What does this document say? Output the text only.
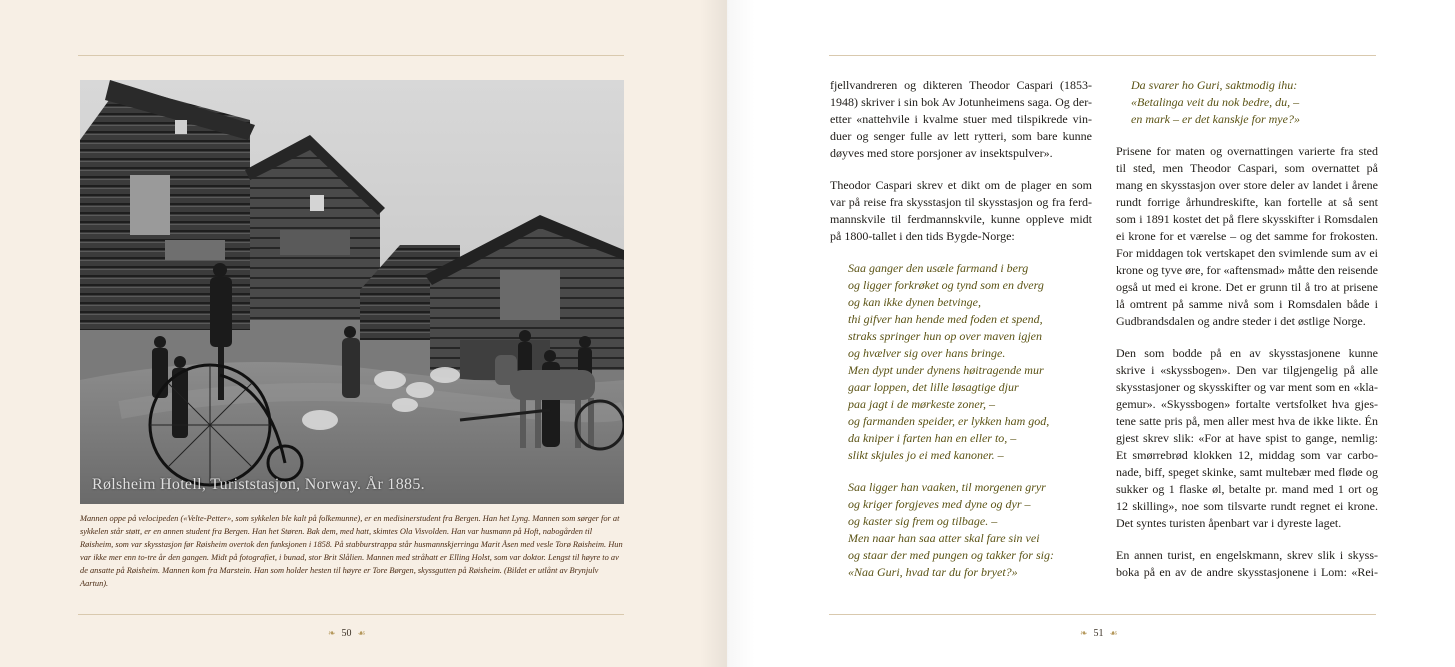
Rølsheim Hotell, Turiststasjon, Norway. År 1885.
Mannen oppe på velocipeden («Velte-Petter», som sykkelen ble kalt på folkemunne), er en medisinerstudent fra Bergen. Han het Lyng. Mannen som sørger for at sykkelen står støtt, er en annen student fra Bergen. Han het Støren. Bak dem, med hatt, skimtes Ola Visvolden. Han var husmann på Hoft, nabogården til Røisheim, som var skysstasjon før Røisheim overtok den funksjonen i 1858. På stabburstrappa står husmannskjerringa Marit Åsen med vesle Torø Røisheim. Hun var ikke mer enn to-tre år den gangen. Midt på fotografiet, i bunad, stor Brit Slålien. Mannen med stråhatt er Elling Holst, som var doktor. Lengst til høyre to av de ansatte på Røisheim. Mannen kom fra Marstein. Han som holder hesten til høyre er Tore Børgen, skyssgutten på Røisheim. (Bildet er utlånt av Brynjulv Aartun).
❧ 50 ☙

fjellvandreren og dikteren Theodor Caspari (1853-
1948) skriver i sin bok Av Jotunheimens saga. Og der-
etter «nattehvile i kvalme stuer med tilspikrede vin-
duer og senger fulle av lett rytteri, som bare kunne
døyves med store porsjoner av insektspulver».

Theodor Caspari skrev et dikt om de plager en som
var på reise fra skysstasjon til skysstasjon og fra ferd-
mannskvile til ferdmannskvile, kunne oppleve midt
på 1800-tallet i den tids Bygde-Norge:

Saa ganger den usæle farmand i berg
og ligger forkrøket og tynd som en dverg
og kan ikke dynen betvinge,
thi gifver han hende med foden et spend,
straks springer hun op over maven igjen
og hvælver sig over hans bringe.
Men dypt under dynens høitragende mur
gaar loppen, det lille løsagtige djur
paa jagt i de mørkeste zoner, –
og farmanden speider, er lykken ham god,
da kniper i farten han en eller to, –
slikt skjules jo ei med kanoner. –
Saa ligger han vaaken, til morgenen gryr
og kriger forgjeves med dyne og dyr –
og kaster sig frem og tilbage. –
Men naar han saa atter skal fare sin vei
og staar der med pungen og takker for sig:
«Naa Guri, hvad tar du for bryet?»
Da svarer ho Guri, saktmodig ihu:
«Betalinga veit du nok bedre, du, –
en mark – er det kanskje for mye?»

Prisene for maten og overnattingen varierte fra sted
til sted, men Theodor Caspari, som overnattet på
mang en skysstasjon over store deler av landet i årene
rundt forrige århundreskifte, kan fortelle at så sent
som i 1891 kostet det på flere skysskifter i Romsdalen
ei krone for et værelse – og det samme for frokosten.
For middagen tok vertskapet den svimlende sum av ei
krone og tyve øre, for «aftensmad» måtte den reisende
også ut med ei krone. Det er grunn til å tro at prisene
lå omtrent på samme nivå som i Romsdalen både i
Gudbrandsdalen og andre steder i det østlige Norge.

Den som bodde på en av skysstasjonene kunne
skrive i «skyssbogen». Den var tilgjengelig på alle
skysstasjoner og skysskifter og var ment som en «kla-
gemur». «Skyssbogen» fortalte vertsfolket hva gjes-
tene satte pris på, men aller mest hva de ikke likte. Én
gjest skrev slik: «For at have spist to gange, nemlig:
Et smørrebrød klokken 12, middag som var carbo-
nade, biff, speget skinke, samt multebær med fløde og
sukker og 1 flaske øl, betalte pr. mand med 1 ort og
12 skilling», noe som tilsvarte rundt regnet ei krone.
Det syntes turisten åpenbart var i dyreste laget.

En annen turist, en engelskmann, skrev slik i skyss-
boka på en av de andre skysstasjonene i Lom: «Rei-

❧ 51 ☙
